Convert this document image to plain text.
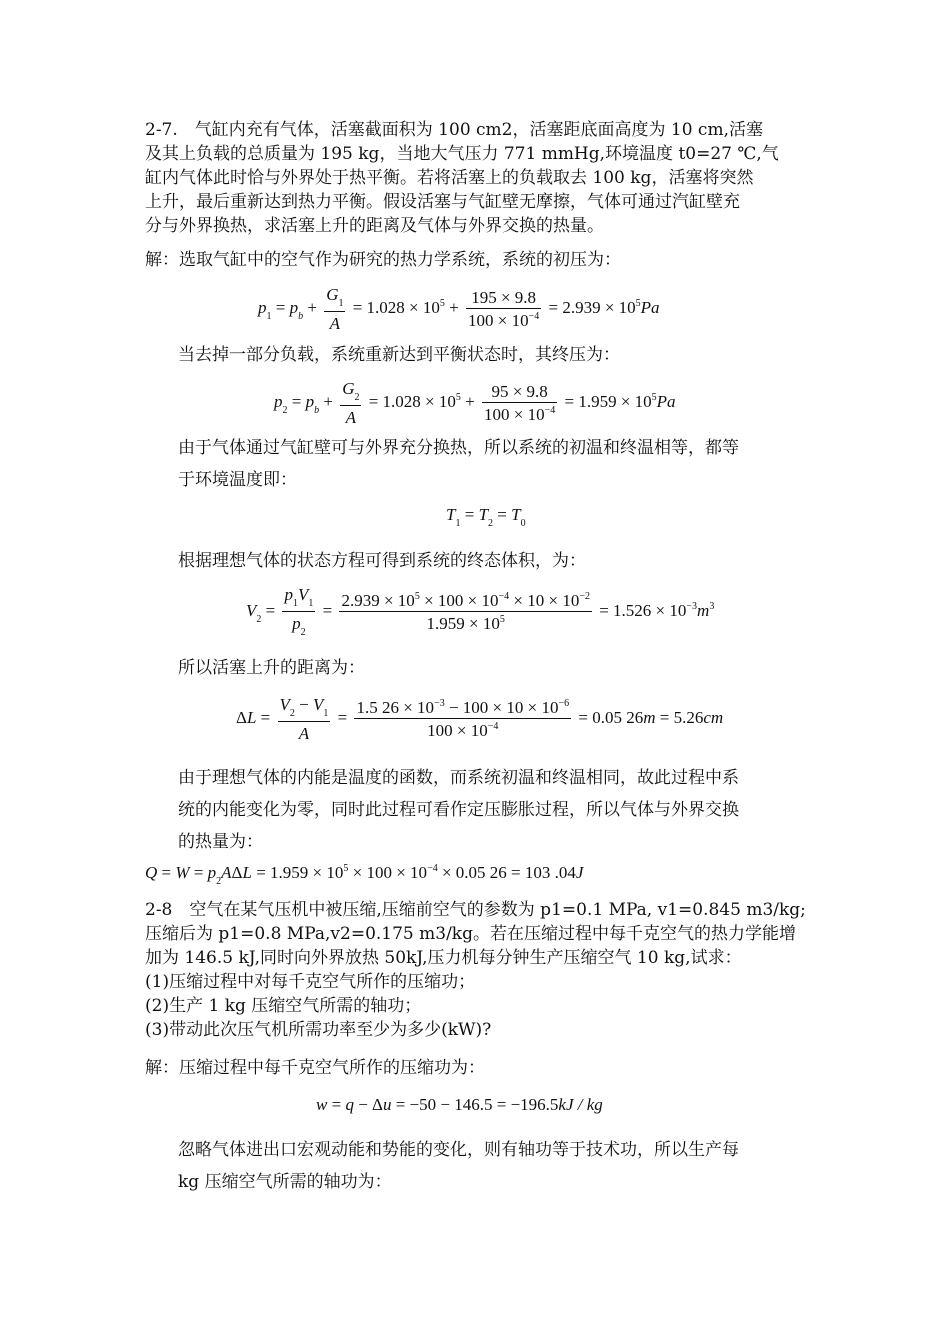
2-7.　气缸内充有气体，活塞截面积为 100 cm2，活塞距底面高度为 10 cm,活塞
及其上负载的总质量为 195 kg，当地大气压力 771 mmHg,环境温度 t0=27 ℃,气
缸内气体此时恰与外界处于热平衡。若将活塞上的负载取去 100 kg，活塞将突然
上升，最后重新达到热力平衡。假设活塞与气缸壁无摩擦，气体可通过汽缸壁充
分与外界换热，求活塞上升的距离及气体与外界交换的热量。
解：选取气缸中的空气作为研究的热力学系统，系统的初压为：
$p_1 = p_b + \frac{G_1}{A} = 1.028 \times 10^5 + \frac{195 \times 9.8}{100 \times 10^{-4}} = 2.939 \times 10^5Pa$
当去掉一部分负载，系统重新达到平衡状态时，其终压为：
$p_2 = p_b + \frac{G_2}{A} = 1.028 \times 10^5 + \frac{95 \times 9.8}{100 \times 10^{-4}} = 1.959 \times 10^5Pa$
由于气体通过气缸壁可与外界充分换热，所以系统的初温和终温相等，都等
于环境温度即：
$T_1 = T_2 = T_0$
根据理想气体的状态方程可得到系统的终态体积，为：
$V_2 = \frac{p_1V_1}{p_2} = \frac{2.939 \times 10^5 \times 100 \times 10^{-4} \times 10 \times 10^{-2}}{1.959 \times 10^5} = 1.526 \times 10^{-3}m^3$
所以活塞上升的距离为：
$\Delta L = \frac{V_2 - V_1}{A} = \frac{1.5 26 \times 10^{-3} - 100 \times 10 \times 10^{-6}}{100 \times 10^{-4}} = 0.05$ 26m = 5.26cm
由于理想气体的内能是温度的函数，而系统初温和终温相同，故此过程中系
统的内能变化为零，同时此过程可看作定压膨胀过程，所以气体与外界交换
的热量为：
$Q = W = p_2A\Delta L = 1.959 \times 10^5 \times 100 \times 10^{-4} \times 0.05$ 26 = 103 .04J
2-8　空气在某气压机中被压缩,压缩前空气的参数为 p1=0.1 MPa, v1=0.845 m3/kg;
压缩后为 p1=0.8 MPa,v2=0.175 m3/kg。若在压缩过程中每千克空气的热力学能增
加为 146.5 kJ,同时向外界放热 50kJ,压力机每分钟生产压缩空气 10 kg,试求：
(1)压缩过程中对每千克空气所作的压缩功；
(2)生产 1 kg 压缩空气所需的轴功；
(3)带动此次压气机所需功率至少为多少(kW)?
解：压缩过程中每千克空气所作的压缩功为：
w = q − Δu = −50 − 146.5 = −196.5kJ / kg
忽略气体进出口宏观动能和势能的变化，则有轴功等于技术功，所以生产每
kg 压缩空气所需的轴功为：
